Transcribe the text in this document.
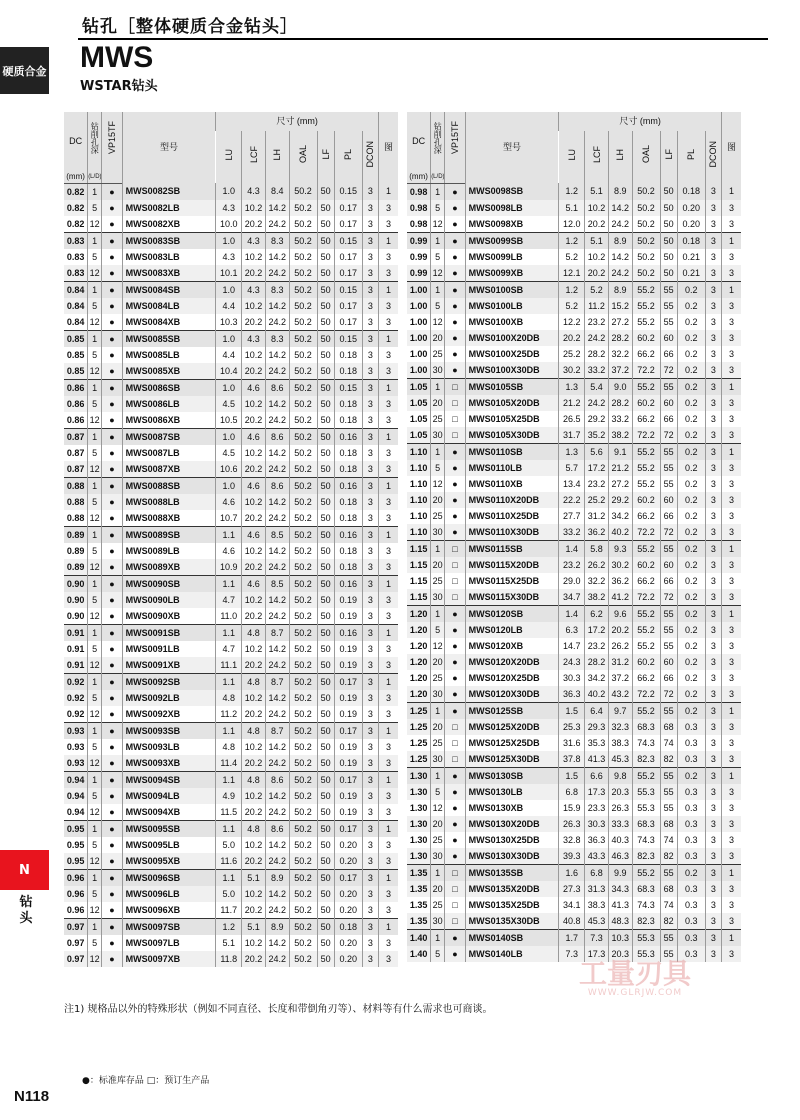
钻孔［整体硬质合金钻头］
MWS
WSTAR钻头
硬质合金
N
钻头
DC	钻削孔深	VP15TF	型号	尺寸 (mm)							图
				LU	LCF	LH	OAL	LF	PL	DCON	
(mm)	(L/D)										
0.82	1	●	MWS0082SB	1.0	4.3	8.4	50.2	50	0.15	3	1
0.82	5	●	MWS0082LB	4.3	10.2	14.2	50.2	50	0.17	3	3
0.82	12	●	MWS0082XB	10.0	20.2	24.2	50.2	50	0.17	3	3
0.83	1	●	MWS0083SB	1.0	4.3	8.3	50.2	50	0.15	3	1
0.83	5	●	MWS0083LB	4.3	10.2	14.2	50.2	50	0.17	3	3
0.83	12	●	MWS0083XB	10.1	20.2	24.2	50.2	50	0.17	3	3
0.84	1	●	MWS0084SB	1.0	4.3	8.3	50.2	50	0.15	3	1
0.84	5	●	MWS0084LB	4.4	10.2	14.2	50.2	50	0.17	3	3
0.84	12	●	MWS0084XB	10.3	20.2	24.2	50.2	50	0.17	3	3
0.85	1	●	MWS0085SB	1.0	4.3	8.3	50.2	50	0.15	3	1
0.85	5	●	MWS0085LB	4.4	10.2	14.2	50.2	50	0.18	3	3
0.85	12	●	MWS0085XB	10.4	20.2	24.2	50.2	50	0.18	3	3
0.86	1	●	MWS0086SB	1.0	4.6	8.6	50.2	50	0.15	3	1
0.86	5	●	MWS0086LB	4.5	10.2	14.2	50.2	50	0.18	3	3
0.86	12	●	MWS0086XB	10.5	20.2	24.2	50.2	50	0.18	3	3
0.87	1	●	MWS0087SB	1.0	4.6	8.6	50.2	50	0.16	3	1
0.87	5	●	MWS0087LB	4.5	10.2	14.2	50.2	50	0.18	3	3
0.87	12	●	MWS0087XB	10.6	20.2	24.2	50.2	50	0.18	3	3
0.88	1	●	MWS0088SB	1.0	4.6	8.6	50.2	50	0.16	3	1
0.88	5	●	MWS0088LB	4.6	10.2	14.2	50.2	50	0.18	3	3
0.88	12	●	MWS0088XB	10.7	20.2	24.2	50.2	50	0.18	3	3
0.89	1	●	MWS0089SB	1.1	4.6	8.5	50.2	50	0.16	3	1
0.89	5	●	MWS0089LB	4.6	10.2	14.2	50.2	50	0.18	3	3
0.89	12	●	MWS0089XB	10.9	20.2	24.2	50.2	50	0.18	3	3
0.90	1	●	MWS0090SB	1.1	4.6	8.5	50.2	50	0.16	3	1
0.90	5	●	MWS0090LB	4.7	10.2	14.2	50.2	50	0.19	3	3
0.90	12	●	MWS0090XB	11.0	20.2	24.2	50.2	50	0.19	3	3
0.91	1	●	MWS0091SB	1.1	4.8	8.7	50.2	50	0.16	3	1
0.91	5	●	MWS0091LB	4.7	10.2	14.2	50.2	50	0.19	3	3
0.91	12	●	MWS0091XB	11.1	20.2	24.2	50.2	50	0.19	3	3
0.92	1	●	MWS0092SB	1.1	4.8	8.7	50.2	50	0.17	3	1
0.92	5	●	MWS0092LB	4.8	10.2	14.2	50.2	50	0.19	3	3
0.92	12	●	MWS0092XB	11.2	20.2	24.2	50.2	50	0.19	3	3
0.93	1	●	MWS0093SB	1.1	4.8	8.7	50.2	50	0.17	3	1
0.93	5	●	MWS0093LB	4.8	10.2	14.2	50.2	50	0.19	3	3
0.93	12	●	MWS0093XB	11.4	20.2	24.2	50.2	50	0.19	3	3
0.94	1	●	MWS0094SB	1.1	4.8	8.6	50.2	50	0.17	3	1
0.94	5	●	MWS0094LB	4.9	10.2	14.2	50.2	50	0.19	3	3
0.94	12	●	MWS0094XB	11.5	20.2	24.2	50.2	50	0.19	3	3
0.95	1	●	MWS0095SB	1.1	4.8	8.6	50.2	50	0.17	3	1
0.95	5	●	MWS0095LB	5.0	10.2	14.2	50.2	50	0.20	3	3
0.95	12	●	MWS0095XB	11.6	20.2	24.2	50.2	50	0.20	3	3
0.96	1	●	MWS0096SB	1.1	5.1	8.9	50.2	50	0.17	3	1
0.96	5	●	MWS0096LB	5.0	10.2	14.2	50.2	50	0.20	3	3
0.96	12	●	MWS0096XB	11.7	20.2	24.2	50.2	50	0.20	3	3
0.97	1	●	MWS0097SB	1.2	5.1	8.9	50.2	50	0.18	3	1
0.97	5	●	MWS0097LB	5.1	10.2	14.2	50.2	50	0.20	3	3
0.97	12	●	MWS0097XB	11.8	20.2	24.2	50.2	50	0.20	3	3
DC	钻削孔深	VP15TF	型号	尺寸 (mm)							图
				LU	LCF	LH	OAL	LF	PL	DCON	
(mm)	(L/D)										
0.98	1	●	MWS0098SB	1.2	5.1	8.9	50.2	50	0.18	3	1
0.98	5	●	MWS0098LB	5.1	10.2	14.2	50.2	50	0.20	3	3
0.98	12	●	MWS0098XB	12.0	20.2	24.2	50.2	50	0.20	3	3
0.99	1	●	MWS0099SB	1.2	5.1	8.9	50.2	50	0.18	3	1
0.99	5	●	MWS0099LB	5.2	10.2	14.2	50.2	50	0.21	3	3
0.99	12	●	MWS0099XB	12.1	20.2	24.2	50.2	50	0.21	3	3
1.00	1	●	MWS0100SB	1.2	5.2	8.9	55.2	55	0.2	3	1
1.00	5	●	MWS0100LB	5.2	11.2	15.2	55.2	55	0.2	3	3
1.00	12	●	MWS0100XB	12.2	23.2	27.2	55.2	55	0.2	3	3
1.00	20	●	MWS0100X20DB	20.2	24.2	28.2	60.2	60	0.2	3	3
1.00	25	●	MWS0100X25DB	25.2	28.2	32.2	66.2	66	0.2	3	3
1.00	30	●	MWS0100X30DB	30.2	33.2	37.2	72.2	72	0.2	3	3
1.05	1	□	MWS0105SB	1.3	5.4	9.0	55.2	55	0.2	3	1
1.05	20	□	MWS0105X20DB	21.2	24.2	28.2	60.2	60	0.2	3	3
1.05	25	□	MWS0105X25DB	26.5	29.2	33.2	66.2	66	0.2	3	3
1.05	30	□	MWS0105X30DB	31.7	35.2	38.2	72.2	72	0.2	3	3
1.10	1	●	MWS0110SB	1.3	5.6	9.1	55.2	55	0.2	3	1
1.10	5	●	MWS0110LB	5.7	17.2	21.2	55.2	55	0.2	3	3
1.10	12	●	MWS0110XB	13.4	23.2	27.2	55.2	55	0.2	3	3
1.10	20	●	MWS0110X20DB	22.2	25.2	29.2	60.2	60	0.2	3	3
1.10	25	●	MWS0110X25DB	27.7	31.2	34.2	66.2	66	0.2	3	3
1.10	30	●	MWS0110X30DB	33.2	36.2	40.2	72.2	72	0.2	3	3
1.15	1	□	MWS0115SB	1.4	5.8	9.3	55.2	55	0.2	3	1
1.15	20	□	MWS0115X20DB	23.2	26.2	30.2	60.2	60	0.2	3	3
1.15	25	□	MWS0115X25DB	29.0	32.2	36.2	66.2	66	0.2	3	3
1.15	30	□	MWS0115X30DB	34.7	38.2	41.2	72.2	72	0.2	3	3
1.20	1	●	MWS0120SB	1.4	6.2	9.6	55.2	55	0.2	3	1
1.20	5	●	MWS0120LB	6.3	17.2	20.2	55.2	55	0.2	3	3
1.20	12	●	MWS0120XB	14.7	23.2	26.2	55.2	55	0.2	3	3
1.20	20	●	MWS0120X20DB	24.3	28.2	31.2	60.2	60	0.2	3	3
1.20	25	●	MWS0120X25DB	30.3	34.2	37.2	66.2	66	0.2	3	3
1.20	30	●	MWS0120X30DB	36.3	40.2	43.2	72.2	72	0.2	3	3
1.25	1	●	MWS0125SB	1.5	6.4	9.7	55.2	55	0.2	3	1
1.25	20	□	MWS0125X20DB	25.3	29.3	32.3	68.3	68	0.3	3	3
1.25	25	□	MWS0125X25DB	31.6	35.3	38.3	74.3	74	0.3	3	3
1.25	30	□	MWS0125X30DB	37.8	41.3	45.3	82.3	82	0.3	3	3
1.30	1	●	MWS0130SB	1.5	6.6	9.8	55.2	55	0.2	3	1
1.30	5	●	MWS0130LB	6.8	17.3	20.3	55.3	55	0.3	3	3
1.30	12	●	MWS0130XB	15.9	23.3	26.3	55.3	55	0.3	3	3
1.30	20	●	MWS0130X20DB	26.3	30.3	33.3	68.3	68	0.3	3	3
1.30	25	●	MWS0130X25DB	32.8	36.3	40.3	74.3	74	0.3	3	3
1.30	30	●	MWS0130X30DB	39.3	43.3	46.3	82.3	82	0.3	3	3
1.35	1	□	MWS0135SB	1.6	6.8	9.9	55.2	55	0.2	3	1
1.35	20	□	MWS0135X20DB	27.3	31.3	34.3	68.3	68	0.3	3	3
1.35	25	□	MWS0135X25DB	34.1	38.3	41.3	74.3	74	0.3	3	3
1.35	30	□	MWS0135X30DB	40.8	45.3	48.3	82.3	82	0.3	3	3
1.40	1	●	MWS0140SB	1.7	7.3	10.3	55.3	55	0.3	3	1
1.40	5	●	MWS0140LB	7.3	17.3	20.3	55.3	55	0.3	3	3
注1) 规格品以外的特殊形状（例如不同直径、长度和带倒角刃等）、材料等有什么需求也可商谈。
●：标准库存品 □：预订生产品
N118
工量刃具
WWW.GLRJW.COM
